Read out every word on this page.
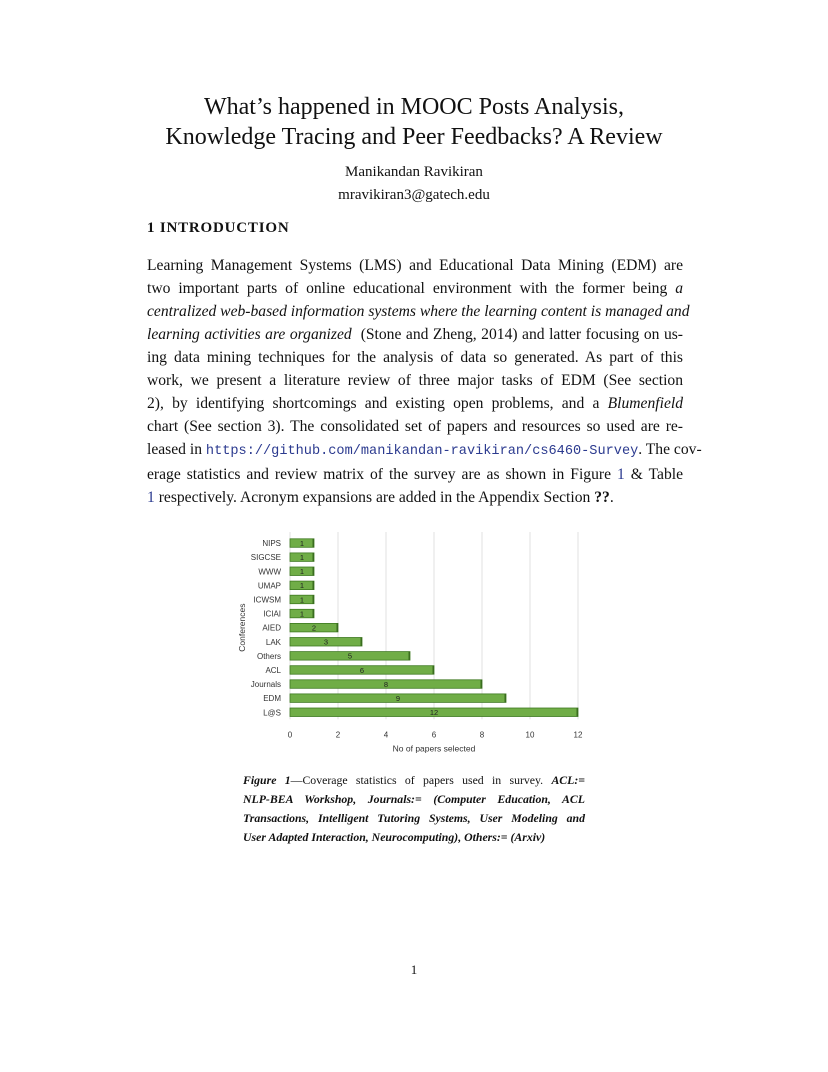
What’s happened in MOOC Posts Analysis,
Knowledge Tracing and Peer Feedbacks? A Review
Manikandan Ravikiran
mravikiran3@gatech.edu
1 INTRODUCTION
Learning Management Systems (LMS) and Educational Data Mining (EDM) are
two important parts of online educational environment with the former being a
centralized web-based information systems where the learning content is managed and
learning activities are organized (Stone and Zheng, 2014) and latter focusing on us-
ing data mining techniques for the analysis of data so generated. As part of this
work, we present a literature review of three major tasks of EDM (See section
2), by identifying shortcomings and existing open problems, and a Blumenfield
chart (See section 3). The consolidated set of papers and resources so used are re-
leased in https://github.com/manikandan-ravikiran/cs6460-Survey. The cov-
erage statistics and review matrix of the survey are as shown in Figure 1 & Table
1 respectively. Acronym expansions are added in the Appendix Section ??.
NIPS	1
SIGCSE	1
WWW	1
UMAP	1
ICWSM	1
ICIAI	1
AIED	2
LAK	3
Others	5
ACL	6
Journals	8
EDM	9
L@S	12
0	2	4	6	8	10	12
No of papers selected
Conferences
Figure 1—Coverage statistics of papers used in survey. ACL:=
NLP-BEA Workshop, Journals:= (Computer Education, ACL
Transactions, Intelligent Tutoring Systems, User Modeling and
User Adapted Interaction, Neurocomputing), Others:= (Arxiv)
1
